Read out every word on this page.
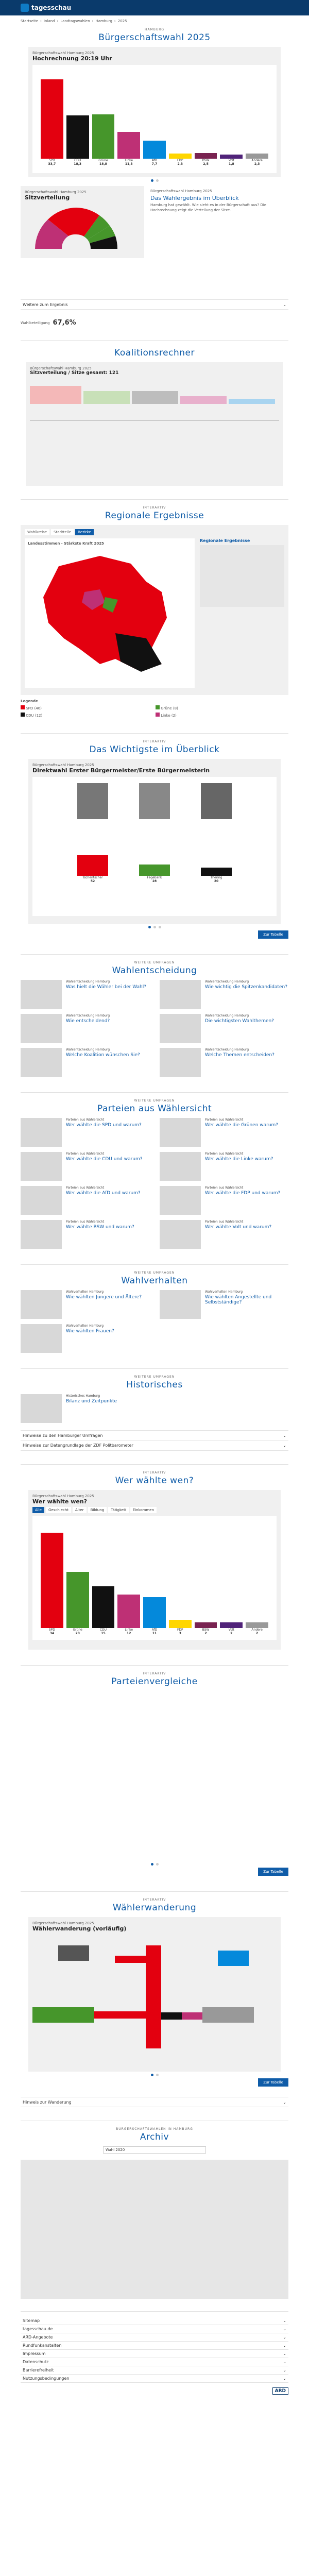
tagesschau
Startseite › Inland › Landtagswahlen › Hamburg › 2025
HAMBURG
Bürgerschaftswahl 2025
Bürgerschaftswahl Hamburg 2025
Hochrechnung 20:19 Uhr
SPD
33,7
CDU
18,3
Grüne
18,8
Linke
11,3
AfD
7,7
FDP
2,3
BSW
2,5
Volt
1,8
Andere
2,3
Bürgerschaftswahl Hamburg 2025
Sitzverteilung
Bürgerschaftswahl Hamburg 2025
Das Wahlergebnis im Überblick
Hamburg hat gewählt. Wie sieht es in der Bürgerschaft aus? Die Hochrechnung zeigt die Verteilung der Sitze.
Weitere zum Ergebnis	⌄
Wahlbeteiligung 67,6%
Koalitionsrechner
Bürgerschaftswahl Hamburg 2025
Sitzverteilung / Sitze gesamt: 121
INTERAKTIV
Regionale Ergebnisse
Wahlkreise	Stadtteile	Bezirke
Landesstimmen - Stärkste Kraft 2025
Regionale Ergebnisse
Legende
SPD (46)	Grüne (8)
CDU (12)	Linke (2)
INTERAKTIV
Das Wichtigste im Überblick
Bürgerschaftswahl Hamburg 2025
Direktwahl Erster Bürgermeister/Erste Bürgermeisterin
Tschentscher
52
Fegebank
28
Thering
20
Zur Tabelle
WEITERE UMFRAGEN
Wahlentscheidung
Wahlentscheidung Hamburg
Was hielt die Wähler bei der Wahl?
Wahlentscheidung Hamburg
Wie wichtig die Spitzenkandidaten?
Wahlentscheidung Hamburg
Wie entscheidend?
Wahlentscheidung Hamburg
Die wichtigsten Wahlthemen?
Wahlentscheidung Hamburg
Welche Koalition wünschen Sie?
Wahlentscheidung Hamburg
Welche Themen entscheiden?
WEITERE UMFRAGEN
Parteien aus Wählersicht
Parteien aus Wählersicht
Wer wählte die SPD und warum?
Parteien aus Wählersicht
Wer wählte die Grünen warum?
Parteien aus Wählersicht
Wer wählte die CDU und warum?
Parteien aus Wählersicht
Wer wählte die Linke warum?
Parteien aus Wählersicht
Wer wählte die AfD und warum?
Parteien aus Wählersicht
Wer wählte die FDP und warum?
Parteien aus Wählersicht
Wer wählte BSW und warum?
Parteien aus Wählersicht
Wer wählte Volt und warum?
WEITERE UMFRAGEN
Wahlverhalten
Wahlverhalten Hamburg
Wie wählten Jüngere und Ältere?
Wahlverhalten Hamburg
Wie wählten Angestellte und Selbstständige?
Wahlverhalten Hamburg
Wie wählten Frauen?
WEITERE UMFRAGEN
Historisches
Historisches Hamburg
Bilanz und Zeitpunkte
Hinweise zu den Hamburger Umfragen	⌄
Hinweise zur Datengrundlage der ZDF Politbarometer	⌄
INTERAKTIV
Wer wählte wen?
Bürgerschaftswahl Hamburg 2025
Wer wählte wen?
Alle	Geschlecht	Alter	Bildung	Tätigkeit	Einkommen
SPD
34
Grüne
20
CDU
15
Linke
12
AfD
11
FDP
3
BSW
2
Volt
2
Andere
2
INTERAKTIV
Parteienvergleiche
Zur Tabelle
INTERAKTIV
Wählerwanderung
Bürgerschaftswahl Hamburg 2025
Wählerwanderung (vorläufig)
Zur Tabelle
Hinweis zur Wanderung	⌄
BÜRGERSCHAFTSWAHLEN IN HAMBURG
Archiv
Wahl 2020
Sitemap	⌄
tagesschau.de	⌄
ARD-Angebote	⌄
Rundfunkanstalten	⌄
Impressum	⌄
Datenschutz	⌄
Barrierefreiheit	⌄
Nutzungsbedingungen	⌄
ARD
